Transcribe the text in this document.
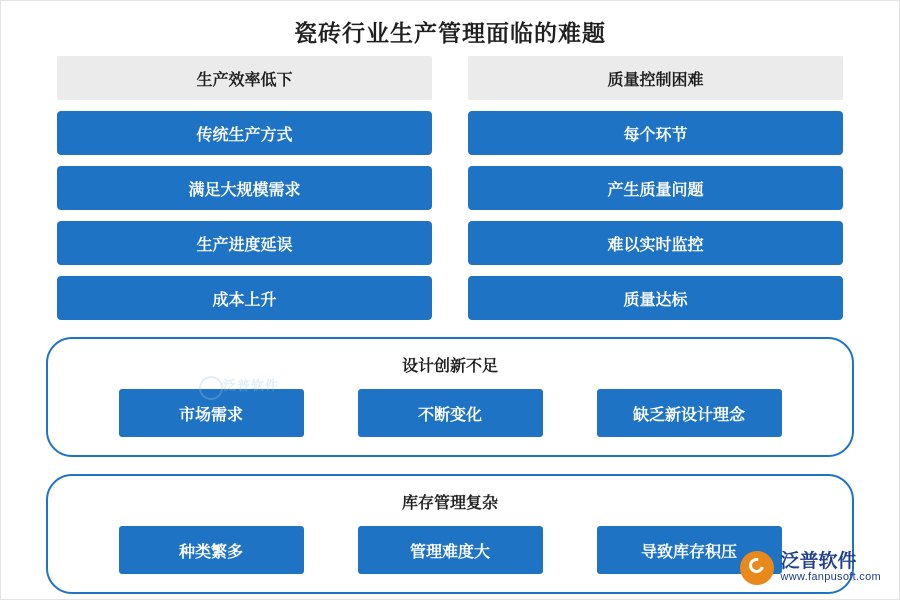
瓷砖行业生产管理面临的难题
生产效率低下
传统生产方式
满足大规模需求
生产进度延误
成本上升
质量控制困难
每个环节
产生质量问题
难以实时监控
质量达标
设计创新不足
市场需求	不断变化	缺乏新设计理念
库存管理复杂
种类繁多	管理难度大	导致库存积压
泛普软件
泛普软件
www.fanpusoft.com
